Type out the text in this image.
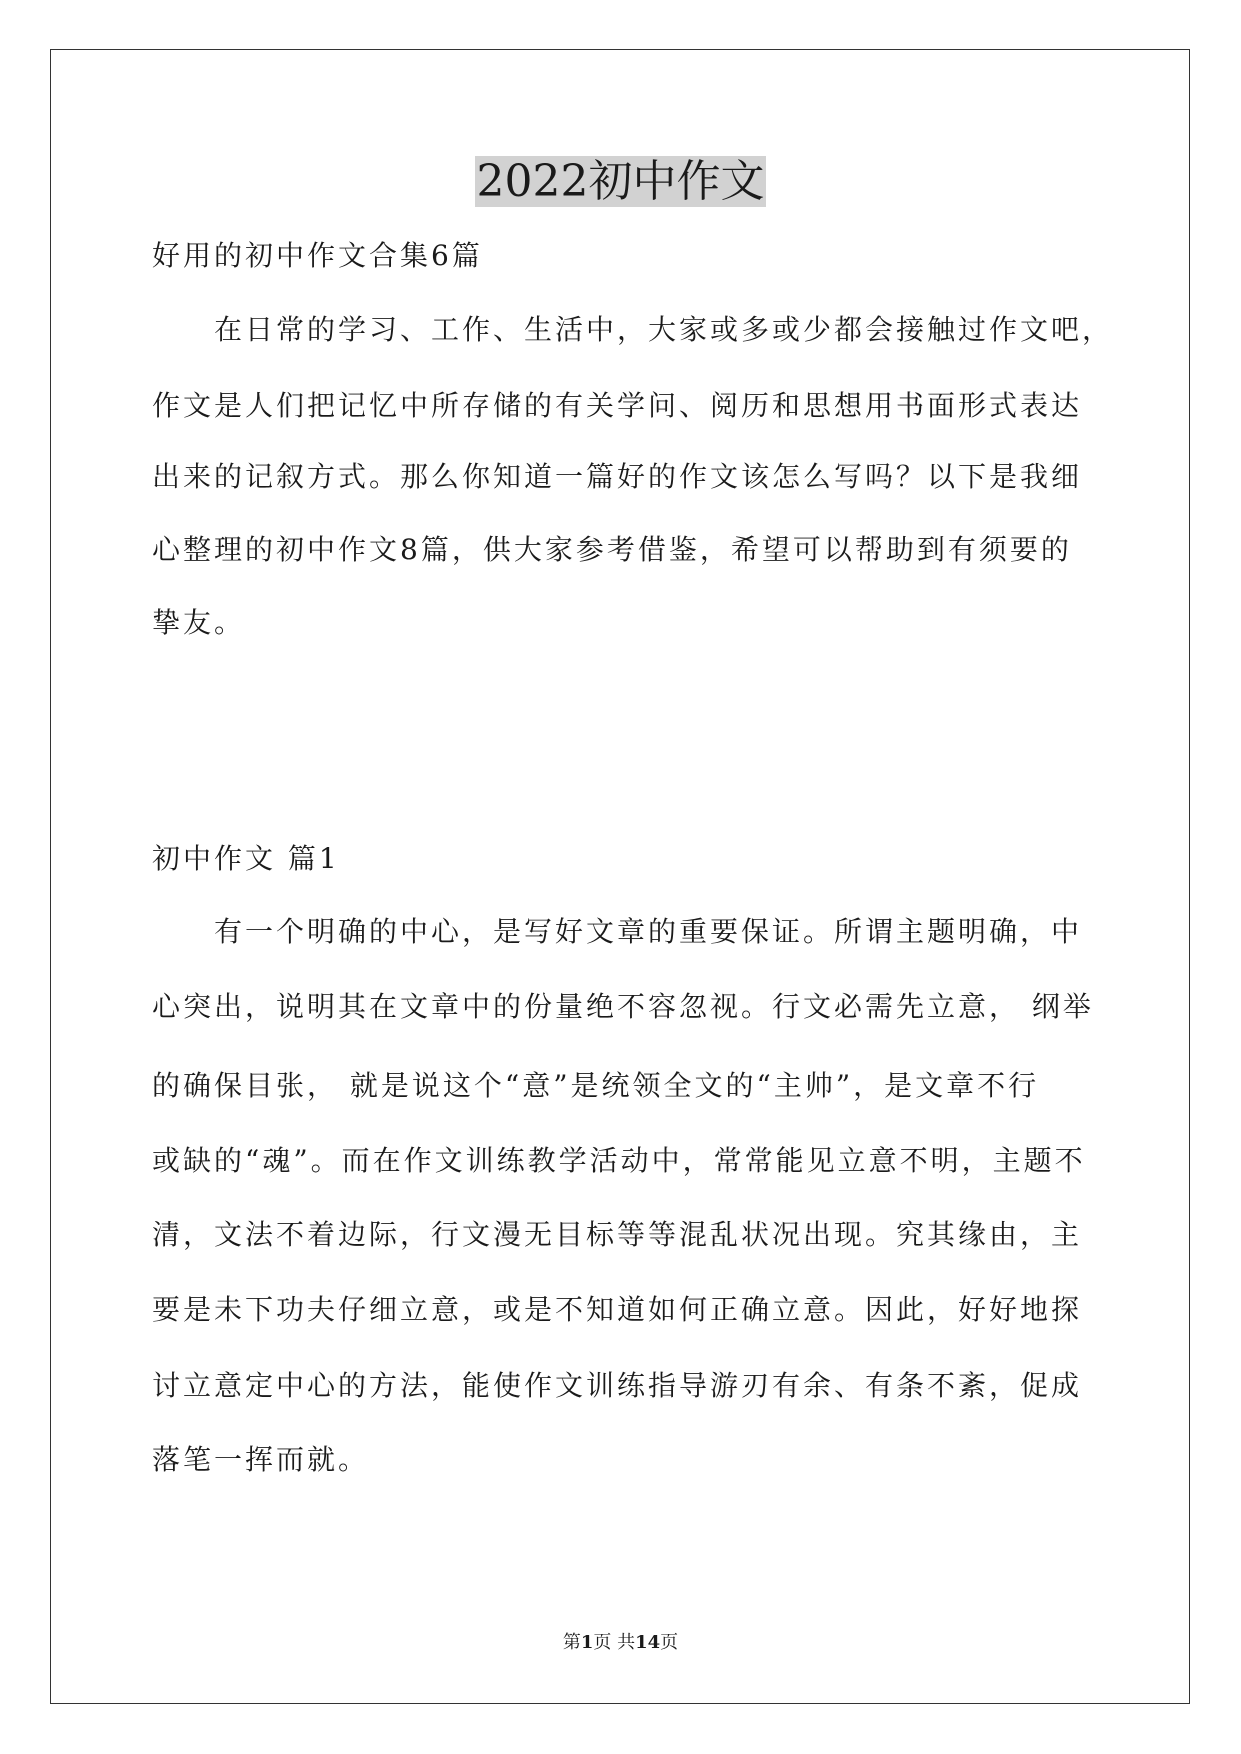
2022初中作文
好用的初中作文合集6篇
在日常的学习、工作、生活中，大家或多或少都会接触过作文吧，
作文是人们把记忆中所存储的有关学问、阅历和思想用书面形式表达
出来的记叙方式。那么你知道一篇好的作文该怎么写吗？以下是我细
心整理的初中作文8篇，供大家参考借鉴，希望可以帮助到有须要的
挚友。
初中作文 篇1
有一个明确的中心，是写好文章的重要保证。所谓主题明确，中
心突出，说明其在文章中的份量绝不容忽视。行文必需先立意， 纲举
的确保目张， 就是说这个“意”是统领全文的“主帅”，是文章不行
或缺的“魂”。而在作文训练教学活动中，常常能见立意不明，主题不
清，文法不着边际，行文漫无目标等等混乱状况出现。究其缘由，主
要是未下功夫仔细立意，或是不知道如何正确立意。因此，好好地探
讨立意定中心的方法，能使作文训练指导游刃有余、有条不紊，促成
落笔一挥而就。
第1页 共14页
